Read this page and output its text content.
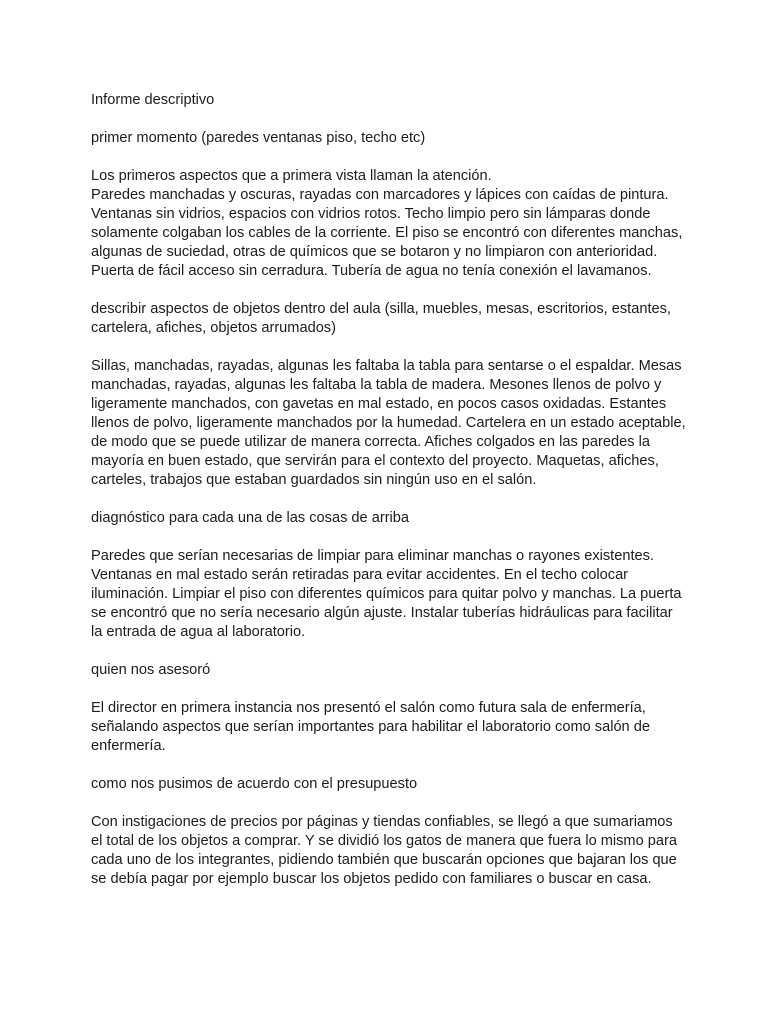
Informe descriptivo

primer momento (paredes ventanas piso, techo etc)

Los primeros aspectos que a primera vista llaman la atención.
Paredes manchadas y oscuras, rayadas con marcadores y lápices con caídas de pintura. Ventanas sin vidrios, espacios con vidrios rotos. Techo limpio pero sin lámparas donde solamente colgaban los cables de la corriente. El piso se encontró con diferentes manchas, algunas de suciedad, otras de químicos que se botaron y no limpiaron con anterioridad. Puerta de fácil acceso sin cerradura. Tubería de agua no tenía conexión el lavamanos.

describir aspectos de objetos dentro del aula (silla, muebles, mesas, escritorios, estantes, cartelera, afiches, objetos arrumados)

Sillas, manchadas, rayadas, algunas les faltaba la tabla para sentarse o el espaldar. Mesas manchadas, rayadas, algunas les faltaba la tabla de madera. Mesones llenos de polvo y ligeramente manchados, con gavetas en mal estado, en pocos casos oxidadas. Estantes llenos de polvo, ligeramente manchados por la humedad. Cartelera en un estado aceptable, de modo que se puede utilizar de manera correcta. Afiches colgados en las paredes la mayoría en buen estado, que servirán para el contexto del proyecto. Maquetas, afiches, carteles, trabajos que estaban guardados sin ningún uso en el salón.

diagnóstico para cada una de las cosas de arriba

Paredes que serían necesarias de limpiar para eliminar manchas o rayones existentes. Ventanas en mal estado serán retiradas para evitar accidentes. En el techo colocar iluminación. Limpiar el piso con diferentes químicos para quitar polvo y manchas. La puerta se encontró que no sería necesario algún ajuste. Instalar tuberías hidráulicas para facilitar la entrada de agua al laboratorio.

quien nos asesoró

El director en primera instancia nos presentó el salón como futura sala de enfermería, señalando aspectos que serían importantes para habilitar el laboratorio como salón de enfermería.

como nos pusimos de acuerdo con el presupuesto

Con instigaciones de precios por páginas y tiendas confiables, se llegó a que sumariamos el total de los objetos a comprar. Y se dividió los gatos de manera que fuera lo mismo para cada uno de los integrantes, pidiendo también que buscarán opciones que bajaran los que se debía pagar por ejemplo buscar los objetos pedido con familiares o buscar en casa.
